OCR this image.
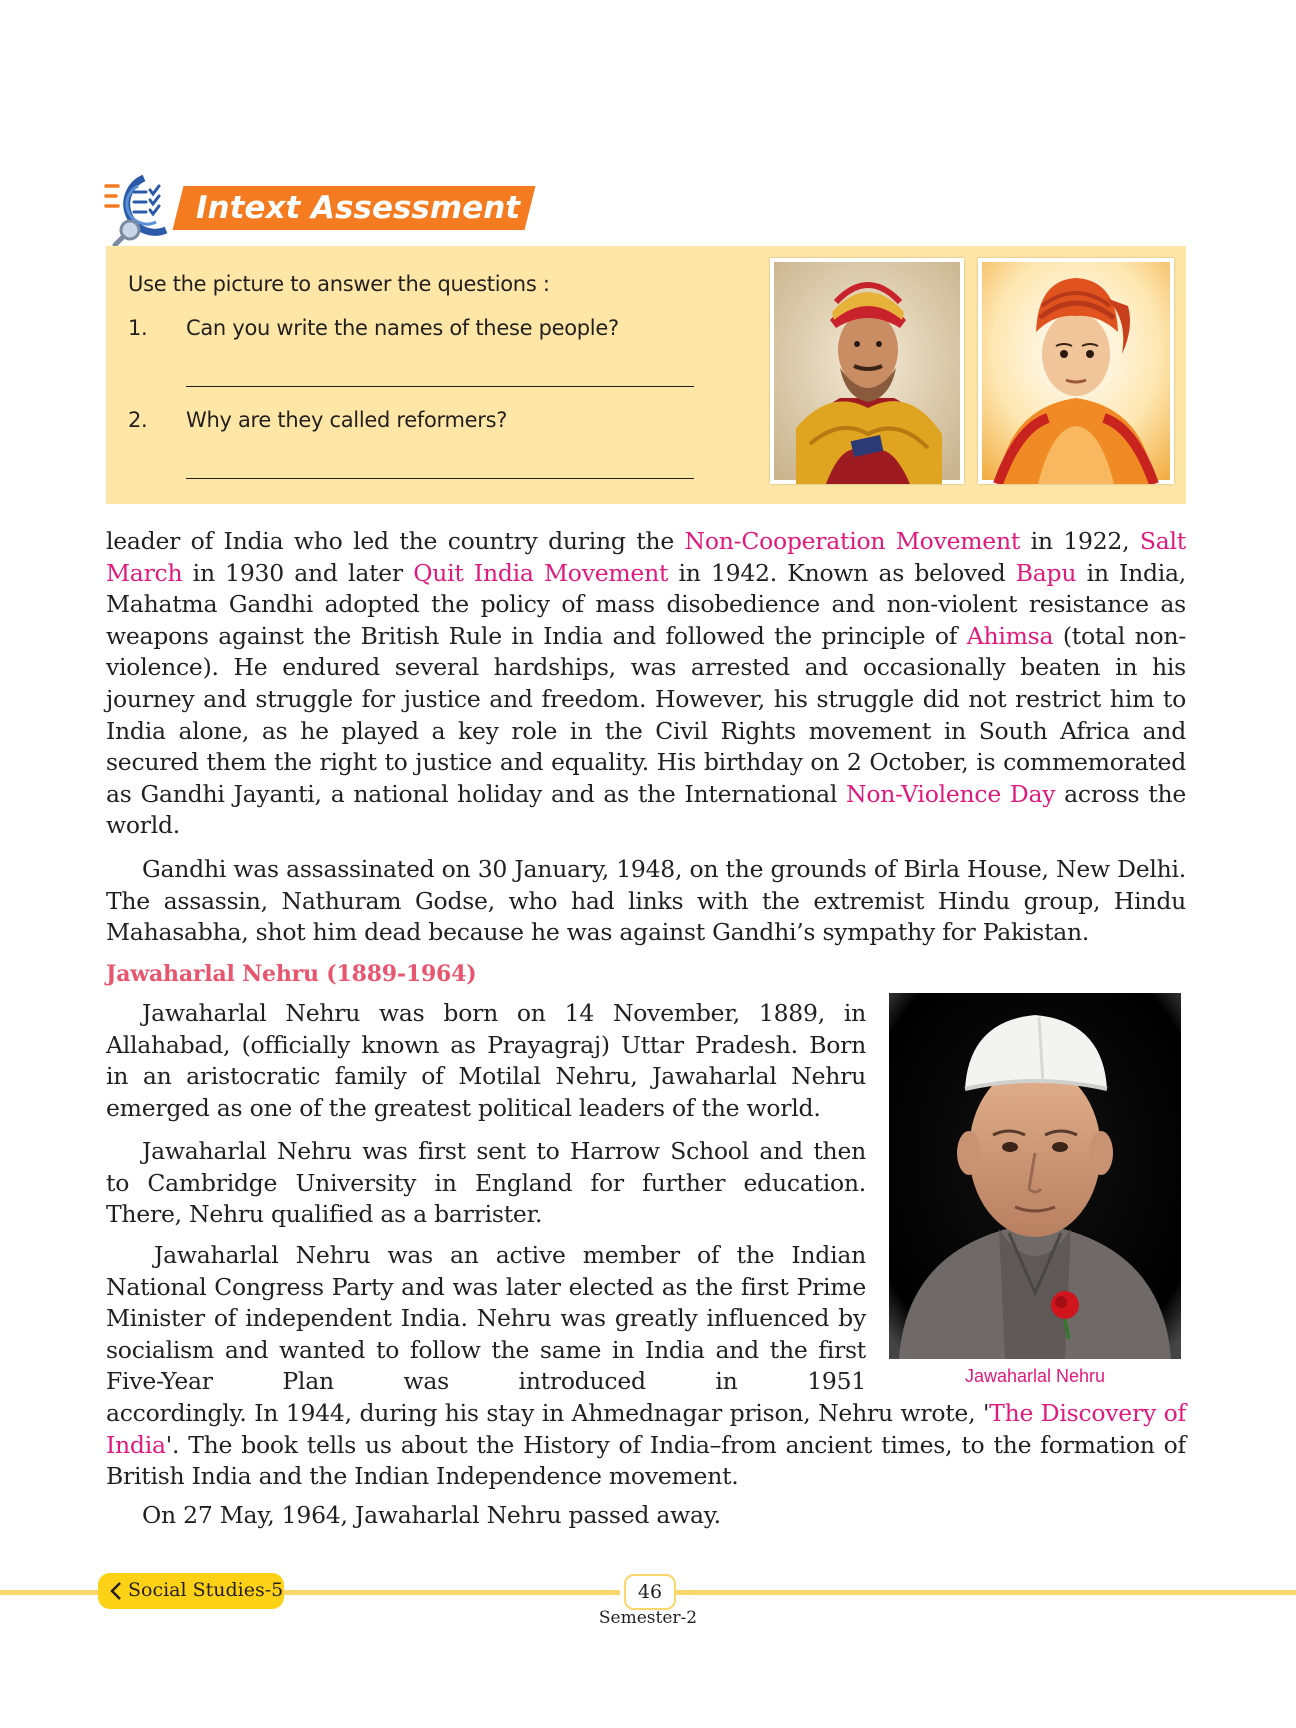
Intext Assessment
Use the picture to answer the questions :
1. Can you write the names of these people?
2. Why are they called reformers?

leader of India who led the country during the Non-Cooperation Movement in 1922, Salt March in 1930 and later Quit India Movement in 1942. Known as beloved Bapu in India, Mahatma Gandhi adopted the policy of mass disobedience and non-violent resistance as weapons against the British Rule in India and followed the principle of Ahimsa (total non-violence). He endured several hardships, was arrested and occasionally beaten in his journey and struggle for justice and freedom. However, his struggle did not restrict him to India alone, as he played a key role in the Civil Rights movement in South Africa and secured them the right to justice and equality. His birthday on 2 October, is commemorated as Gandhi Jayanti, a national holiday and as the International Non-Violence Day across the world.

Gandhi was assassinated on 30 January, 1948, on the grounds of Birla House, New Delhi. The assassin, Nathuram Godse, who had links with the extremist Hindu group, Hindu Mahasabha, shot him dead because he was against Gandhi’s sympathy for Pakistan.

Jawaharlal Nehru (1889-1964)

Jawaharlal Nehru was born on 14 November, 1889, in Allahabad, (officially known as Prayagraj) Uttar Pradesh. Born in an aristocratic family of Motilal Nehru, Jawaharlal Nehru emerged as one of the greatest political leaders of the world.

Jawaharlal Nehru was first sent to Harrow School and then to Cambridge University in England for further education. There, Nehru qualified as a barrister.

Jawaharlal Nehru was an active member of the Indian National Congress Party and was later elected as the first Prime Minister of independent India. Nehru was greatly influenced by socialism and wanted to follow the same in India and the first Five-Year Plan was introduced in 1951

accordingly. In 1944, during his stay in Ahmednagar prison, Nehru wrote, 'The Discovery of India'. The book tells us about the History of India–from ancient times, to the formation of British India and the Indian Independence movement.

On 27 May, 1964, Jawaharlal Nehru passed away.

Jawaharlal Nehru
Social Studies-5	46
Semester-2
